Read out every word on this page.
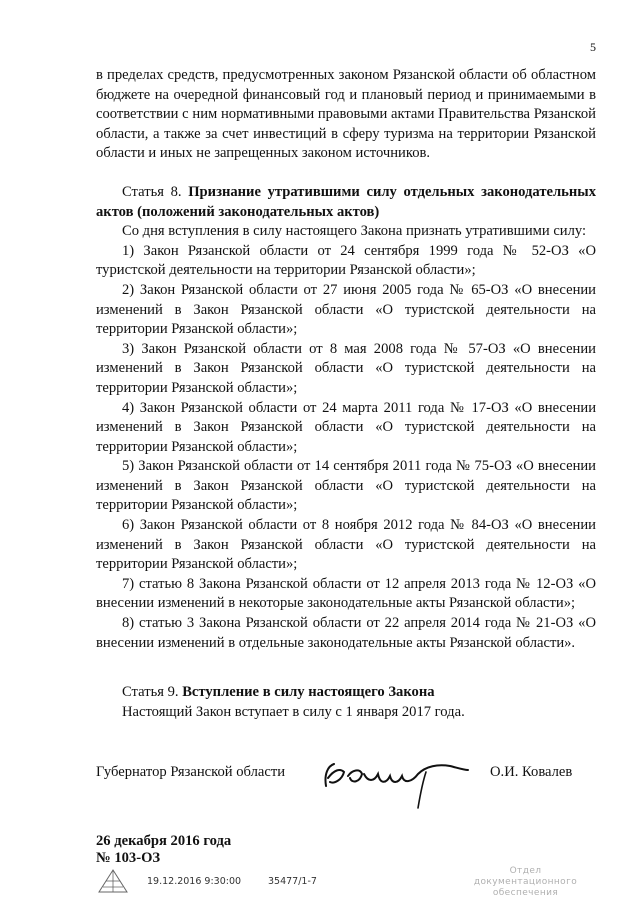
5

в пределах средств, предусмотренных законом Рязанской области об областном бюджете на очередной финансовый год и плановый период и принимаемыми в соответствии с ним нормативными правовыми актами Правительства Рязанской области, а также за счет инвестиций в сферу туризма на территории Рязанской области и иных не запрещенных законом источников.

Статья 8. Признание утратившими силу отдельных законодательных актов (положений законодательных актов)

Со дня вступления в силу настоящего Закона признать утратившими силу:

1) Закон Рязанской области от 24 сентября 1999 года № 52-ОЗ «О туристской деятельности на территории Рязанской области»;

2) Закон Рязанской области от 27 июня 2005 года № 65-ОЗ «О внесении изменений в Закон Рязанской области «О туристской деятельности на территории Рязанской области»;

3) Закон Рязанской области от 8 мая 2008 года № 57-ОЗ «О внесении изменений в Закон Рязанской области «О туристской деятельности на территории Рязанской области»;

4) Закон Рязанской области от 24 марта 2011 года № 17-ОЗ «О внесении изменений в Закон Рязанской области «О туристской деятельности на территории Рязанской области»;

5) Закон Рязанской области от 14 сентября 2011 года № 75-ОЗ «О внесении изменений в Закон Рязанской области «О туристской деятельности на территории Рязанской области»;

6) Закон Рязанской области от 8 ноября 2012 года № 84-ОЗ «О внесении изменений в Закон Рязанской области «О туристской деятельности на территории Рязанской области»;

7) статью 8 Закона Рязанской области от 12 апреля 2013 года № 12-ОЗ «О внесении изменений в некоторые законодательные акты Рязанской области»;

8) статью 3 Закона Рязанской области от 22 апреля 2014 года № 21-ОЗ «О внесении изменений в отдельные законодательные акты Рязанской области».

Статья 9. Вступление в силу настоящего Закона

Настоящий Закон вступает в силу с 1 января 2017 года.

Губернатор Рязанской области	О.И. Ковалев
26 декабря 2016 года
№ 103-ОЗ
19.12.2016 9:30:00	35477/1-7
Отдел документационного
обеспечения
